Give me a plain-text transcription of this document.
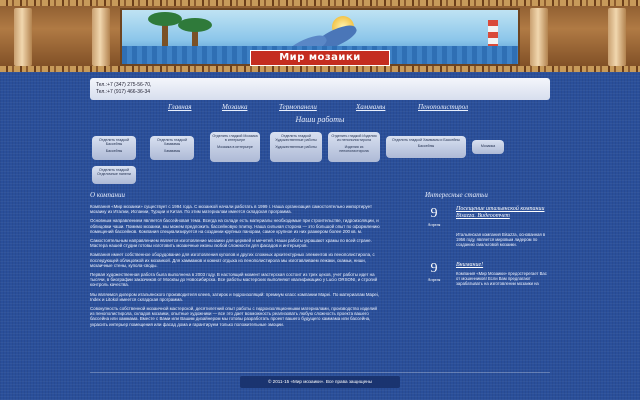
Мир мозаики
Тел.:+7 (347) 275-56-70,
Тел.:+7 (917) 466-36-34
Главная	Мозаика	Термопанели	Хаммамы	Пенополистирол
Наши работы
Отделить гладкой Бассейны
Бассейны
Отделить гладкой Хаммамы
Хаммамы
Отделить гладкой Мозаика в интерьере
Мозаика в интерьере
Отделить гладкой Художественные работы
Художественные работы
Отделить гладкой Изделия из пенополистирола
Изделия из пенополистирола
Отделить гладкой Хаммамы и Бассейны
Бассейны	Мозаика
Отделить гладкой Отделочные панели
О компании

Компания «Мир мозаики» существует с 1994 года. С мозаикой начали работать в 1999 г. Наша организация самостоятельно импортирует мозаику из Италии, Испании, Турции и Китая. По этим материалам имеется складская программа.

Основным направлением является бассейновая тема. Всегда на складе есть материалы необходимые при строительстве, гидроизоляции, и облицовки чаши. Помимо мозаики, мы можем предложить бассейновую плитку. Наша сильная сторона — это большой опыт по оформлению помещений бассейнов. Компания специализируется на создании крупных панорам, самое крупное из них размером более 200 кв. м.

Самостоятельным направлением является изготовление мозаики для церквей и мечетей. Наши работы украшают храмы по всей стране. Мастера нашей студии готовы изготовить мозаичные иконы любой сложности для фасадов и интерьеров.

Компания имеет собственное оборудование для изготовления куполов и других сложных архитектурных элементов из пенополистирола, с последующей облицовкой их мозаикой. Для хаммамов и комнат отдыха из пенополистирола мы изготавливаем лежаки, скамьи, ниши, мозаичные стены, купола-своды.

Первая художественная работа была выполнена в 2003 году. В настоящий момент мастерская состоит из трех цехов, учет работы идет на тысячи, в биографии заказчиков от Москвы до Новосибирска. Все работы мастерских выполняют квалификацию у Lucio ORSONI, и строгий контроль качества.

Мы являемся дилером итальянского производителя клеев, затирок и гидроизоляций: премиум класс компании Mapei. По материалам Mapei, Index и Litokol имеется складская программа.

Совокупность собственной мозаичной мастерской, десятилетний опыт работы с гидроизоляционными материалами, производство изделий из пенополистирола, складов мозаики, опытные художники — все это дает возможность реализовать любую сложность проекта вашего бассейна или хаммама. Вместе с Вами или Вашим дизайнером мы готовы разработать проект вашего будущего хаммама или бассейна, украсить интерьер помещения или фасад дома и гарантируем только положительные эмоции.

Интересные статьи
9
Апреля
Посещение итальянской компании Bisazza. Видеоотчет
Итальянская компания Bisazza, основанная в 1956 году, является мировым лидером по созданию смальтовой мозаики.
9
Апреля
Внимание!
Компания «Мир Мозаики» предостерегает Вас от мошенников! Если Вам предлагают зарабатывать на изготовлении мозаики на
© 2011-15 «Мир мозаики». Все права защищены
